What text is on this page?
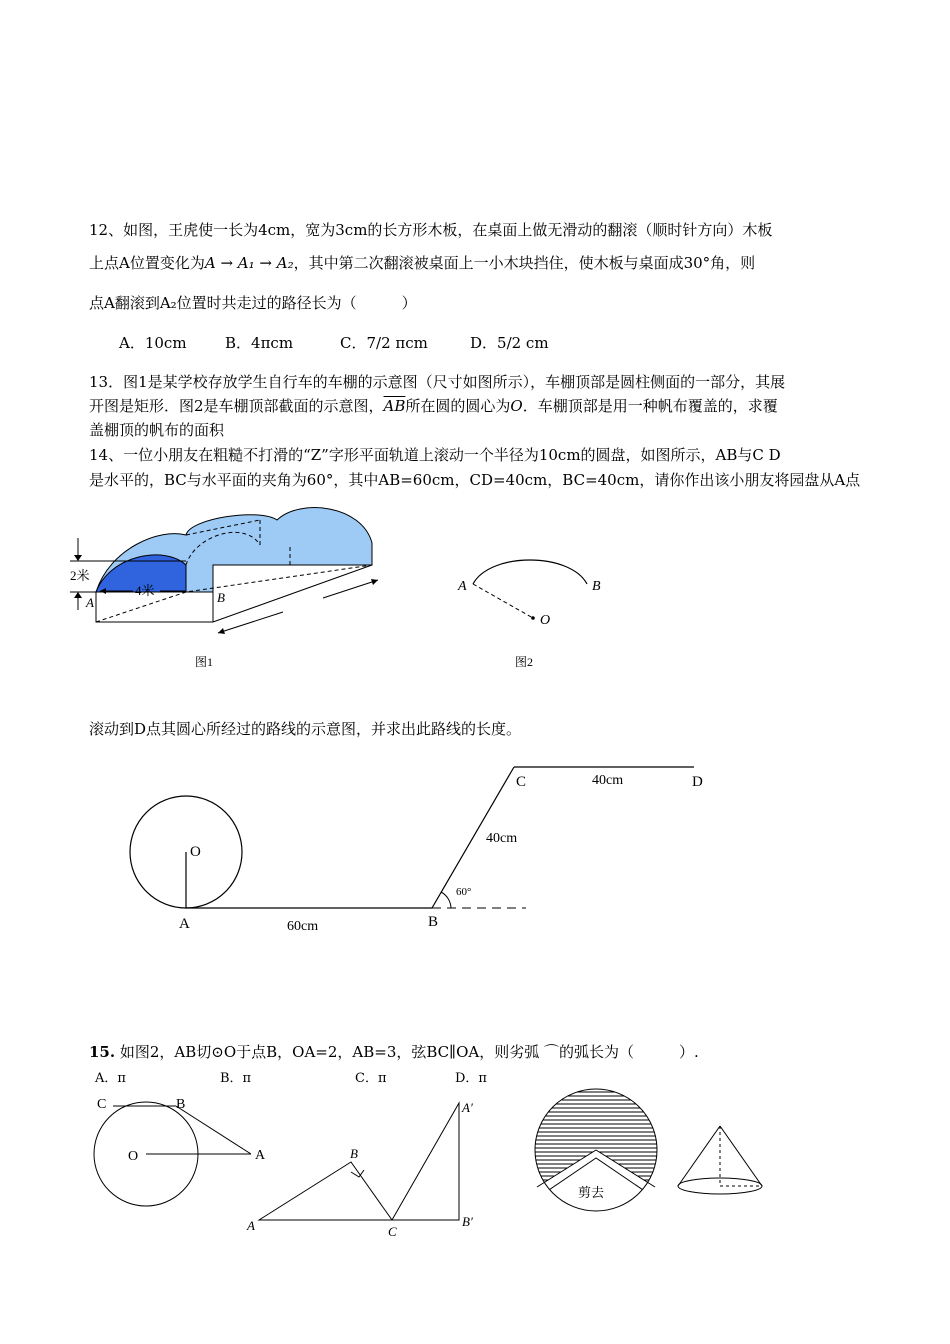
12、如图，王虎使一长为4cm，宽为3cm的长方形木板，在桌面上做无滑动的翻滚（顺时针方向）木板
上点A位置变化为A → A₁ → A₂，其中第二次翻滚被桌面上一小木块挡住，使木板与桌面成30°角，则
点A翻滚到A₂位置时共走过的路径长为（　　　）
A．10cm	B．4πcm	C．7/2 πcm	D．5/2 cm
13．图1是某学校存放学生自行车的车棚的示意图（尺寸如图所示），车棚顶部是圆柱侧面的一部分，其展
开图是矩形．图2是车棚顶部截面的示意图，$\overline{AB}$所在圆的圆心为O．车棚顶部是用一种帆布覆盖的，求覆
盖棚顶的帆布的面积
14、一位小朋友在粗糙不打滑的“Z”字形平面轨道上滚动一个半径为10cm的圆盘，如图所示，AB与C D
是水平的，BC与水平面的夹角为60°，其中AB=60cm，CD=40cm，BC=40cm，请你作出该小朋友将园盘从A点
2米
4米
A	B
图1
A	B
O
图2
滚动到D点其圆心所经过的路线的示意图，并求出此路线的长度。
O
A	B
C	D
60cm
40cm
40cm
60°
15. 如图2，AB切⊙O于点B，OA=2，AB=3，弦BC∥OA，则劣弧 ⌒的弧长为（　　　）.
A．π	B．π	C．π	D．π
C	B
O	A
A
B
C
A′
B′
剪去
